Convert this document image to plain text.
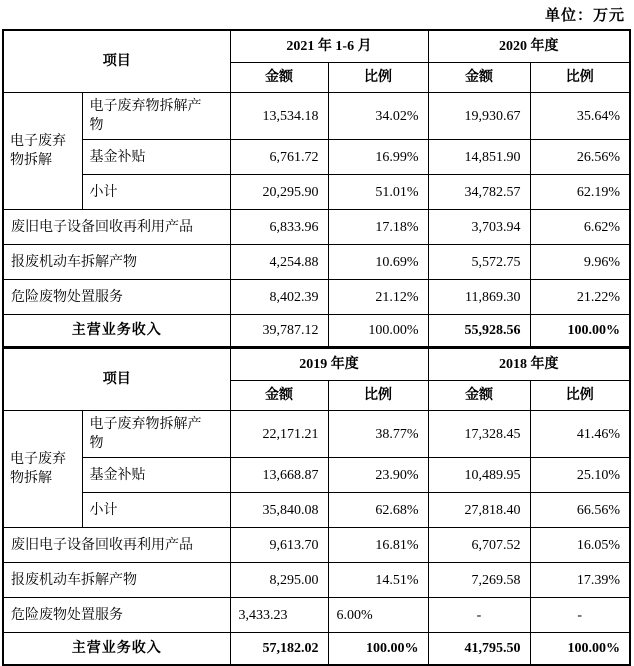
单位：万元
项目		2021 年 1-6 月		2020 年度	
		金额	比例	金额	比例
电子废弃物拆解	电子废弃物拆解产物	13,534.18	34.02%	19,930.67	35.64%
	基金补贴	6,761.72	16.99%	14,851.90	26.56%
	小计	20,295.90	51.01%	34,782.57	62.19%
废旧电子设备回收再利用产品		6,833.96	17.18%	3,703.94	6.62%
报废机动车拆解产物		4,254.88	10.69%	5,572.75	9.96%
危险废物处置服务		8,402.39	21.12%	11,869.30	21.22%
主营业务收入		39,787.12	100.00%	55,928.56	100.00%
项目		2019 年度		2018 年度	
		金额	比例	金额	比例
电子废弃物拆解	电子废弃物拆解产物	22,171.21	38.77%	17,328.45	41.46%
	基金补贴	13,668.87	23.90%	10,489.95	25.10%
	小计	35,840.08	62.68%	27,818.40	66.56%
废旧电子设备回收再利用产品		9,613.70	16.81%	6,707.52	16.05%
报废机动车拆解产物		8,295.00	14.51%	7,269.58	17.39%
危险废物处置服务		3,433.23	6.00%	-	-
主营业务收入		57,182.02	100.00%	41,795.50	100.00%
